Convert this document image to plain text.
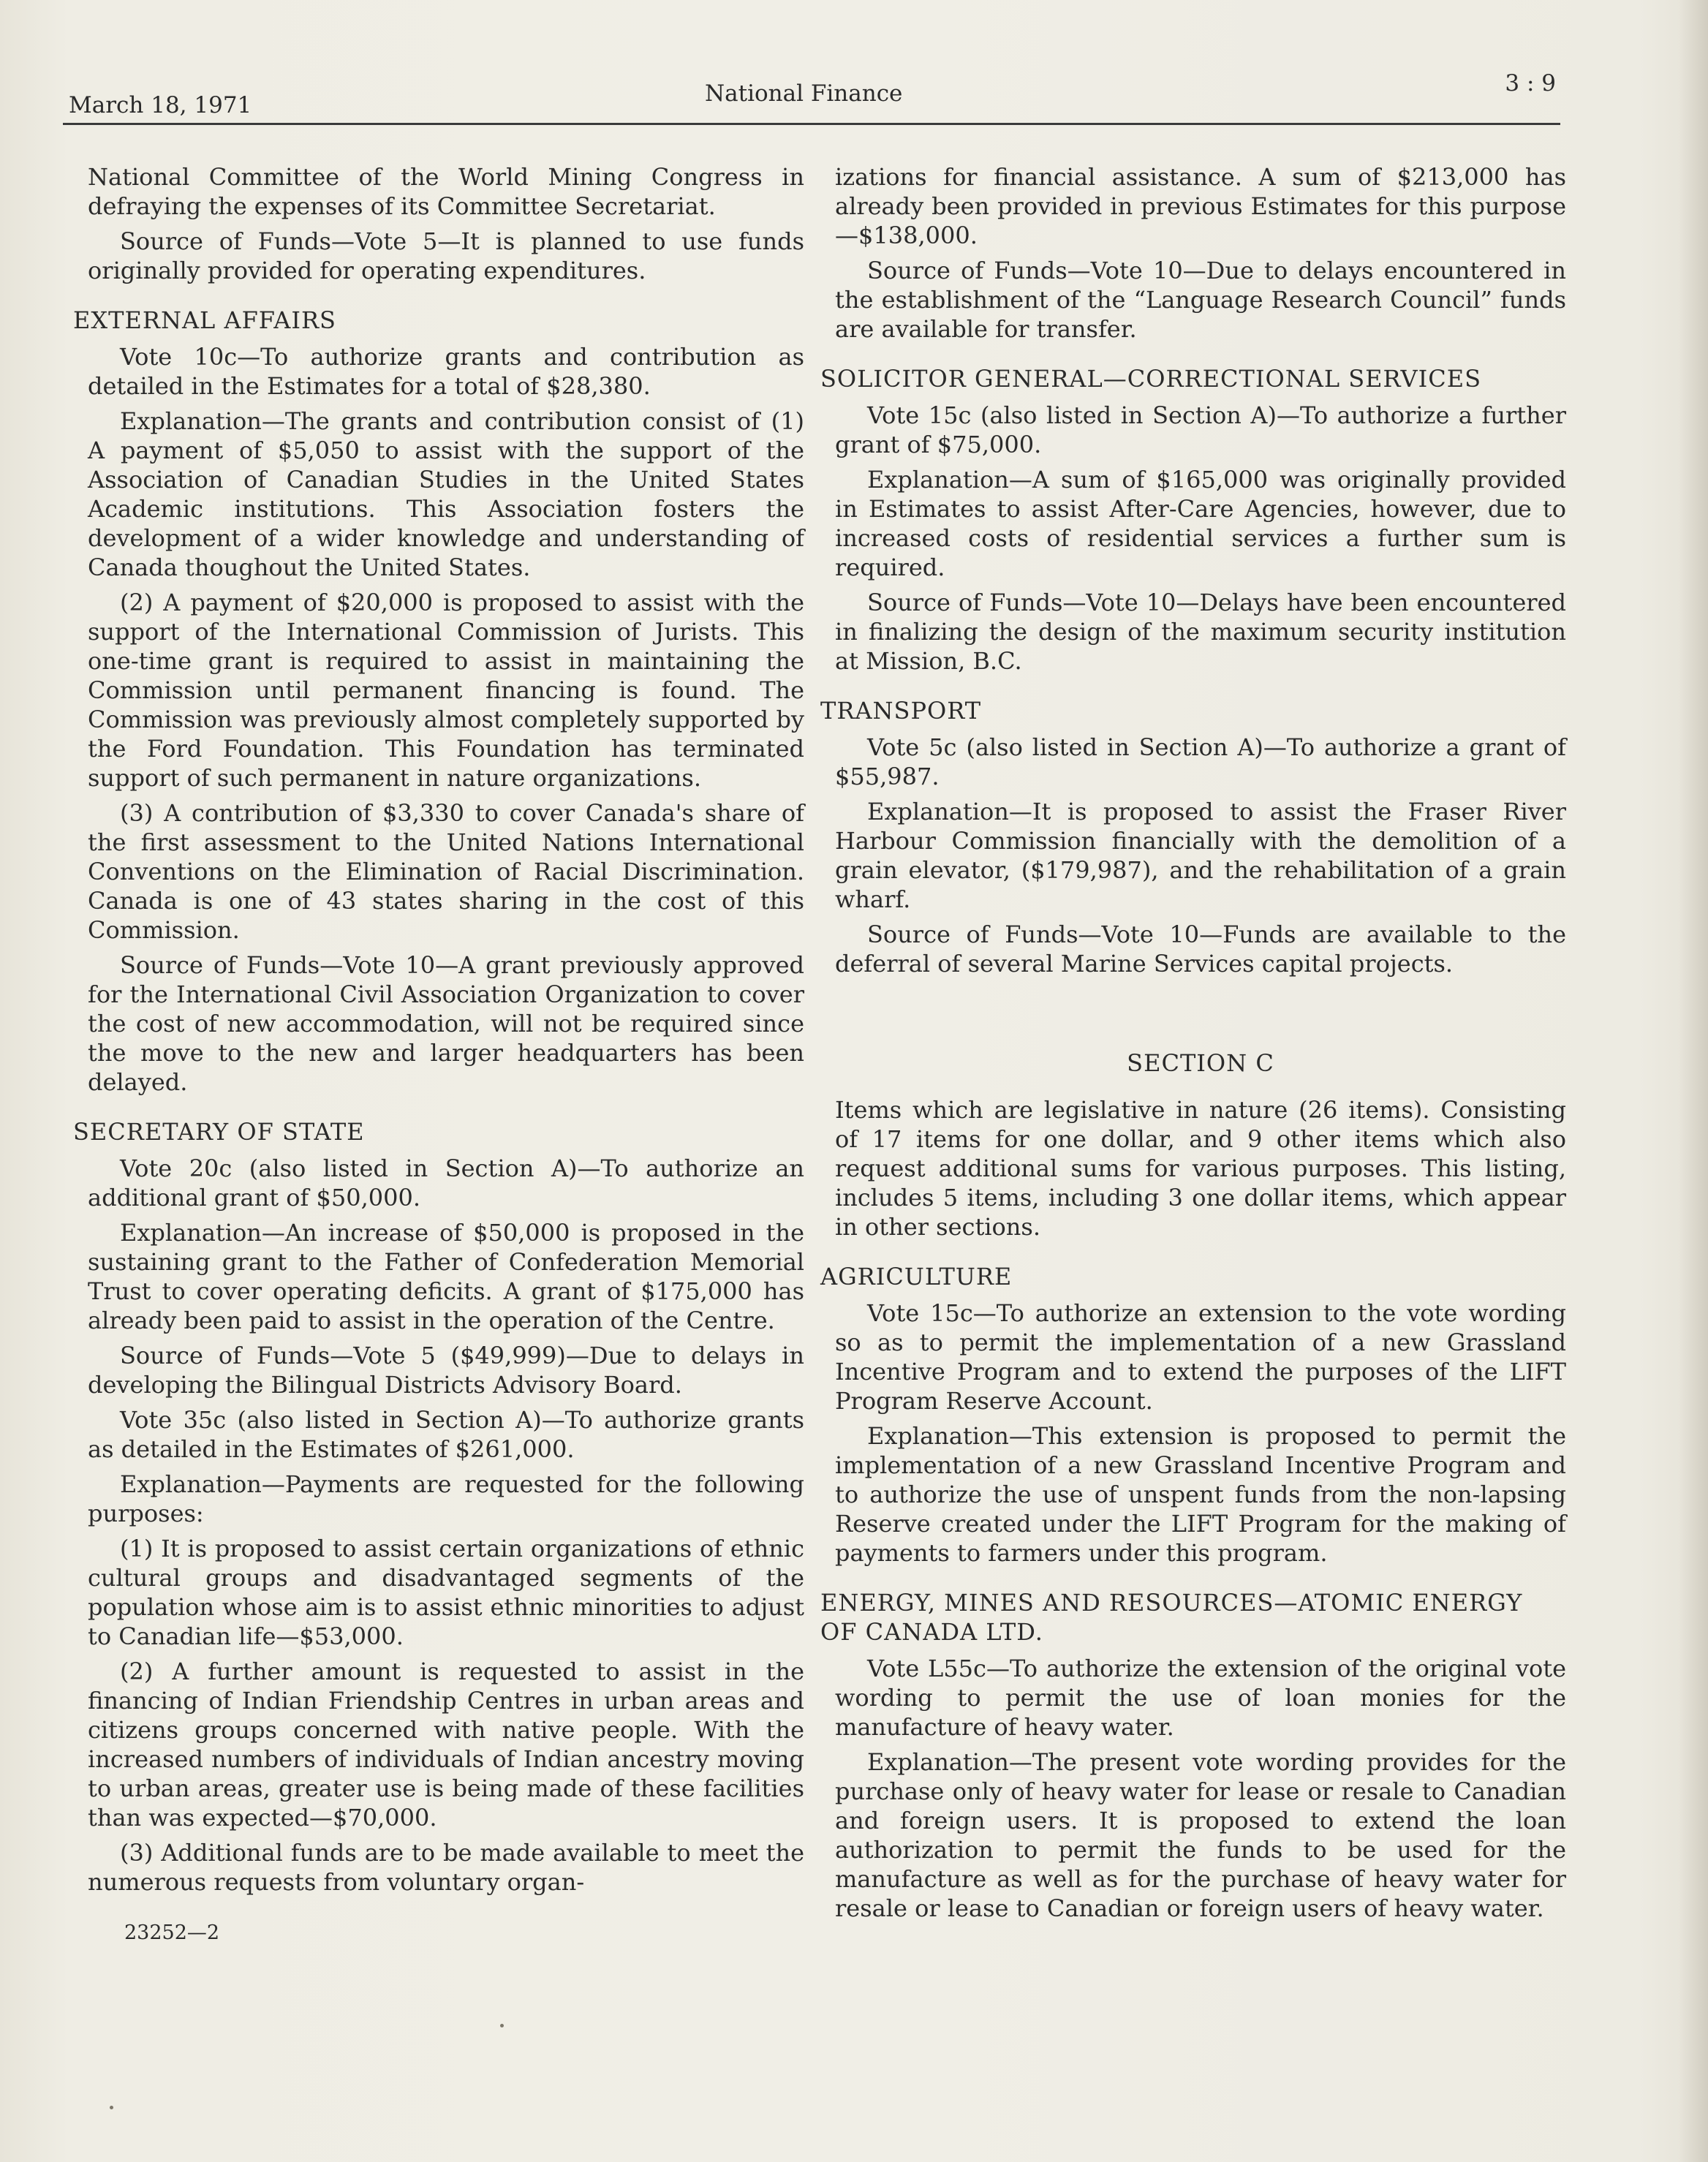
March 18, 1971	National Finance	3 : 9

National Committee of the World Mining Congress in defraying the expenses of its Committee Secretariat.

Source of Funds—Vote 5—It is planned to use funds originally provided for operating expenditures.

EXTERNAL AFFAIRS

Vote 10c—To authorize grants and contribution as detailed in the Estimates for a total of $28,380.

Explanation—The grants and contribution consist of (1) A payment of $5,050 to assist with the support of the Association of Canadian Studies in the United States Academic institutions. This Association fosters the development of a wider knowledge and understanding of Canada thoughout the United States.

(2) A payment of $20,000 is proposed to assist with the support of the International Commission of Jurists. This one-time grant is required to assist in maintaining the Commission until permanent financing is found. The Commission was previously almost completely supported by the Ford Foundation. This Foundation has terminated support of such permanent in nature organizations.

(3) A contribution of $3,330 to cover Canada's share of the first assessment to the United Nations International Conventions on the Elimination of Racial Discrimination. Canada is one of 43 states sharing in the cost of this Commission.

Source of Funds—Vote 10—A grant previously approved for the International Civil Association Organization to cover the cost of new accommodation, will not be required since the move to the new and larger headquarters has been delayed.

SECRETARY OF STATE

Vote 20c (also listed in Section A)—To authorize an additional grant of $50,000.

Explanation—An increase of $50,000 is proposed in the sustaining grant to the Father of Confederation Memorial Trust to cover operating deficits. A grant of $175,000 has already been paid to assist in the operation of the Centre.

Source of Funds—Vote 5 ($49,999)—Due to delays in developing the Bilingual Districts Advisory Board.

Vote 35c (also listed in Section A)—To authorize grants as detailed in the Estimates of $261,000.

Explanation—Payments are requested for the following purposes:

(1) It is proposed to assist certain organizations of ethnic cultural groups and disadvantaged segments of the population whose aim is to assist ethnic minorities to adjust to Canadian life—$53,000.

(2) A further amount is requested to assist in the financing of Indian Friendship Centres in urban areas and citizens groups concerned with native people. With the increased numbers of individuals of Indian ancestry moving to urban areas, greater use is being made of these facilities than was expected—$70,000.

(3) Additional funds are to be made available to meet the numerous requests from voluntary organ-

izations for financial assistance. A sum of $213,000 has already been provided in previous Estimates for this purpose—$138,000.

Source of Funds—Vote 10—Due to delays encountered in the establishment of the “Language Research Council” funds are available for transfer.

SOLICITOR GENERAL—CORRECTIONAL SERVICES

Vote 15c (also listed in Section A)—To authorize a further grant of $75,000.

Explanation—A sum of $165,000 was originally provided in Estimates to assist After-Care Agencies, however, due to increased costs of residential services a further sum is required.

Source of Funds—Vote 10—Delays have been encountered in finalizing the design of the maximum security institution at Mission, B.C.

TRANSPORT

Vote 5c (also listed in Section A)—To authorize a grant of $55,987.

Explanation—It is proposed to assist the Fraser River Harbour Commission financially with the demolition of a grain elevator, ($179,987), and the rehabilitation of a grain wharf.

Source of Funds—Vote 10—Funds are available to the deferral of several Marine Services capital projects.

SECTION C

Items which are legislative in nature (26 items). Consisting of 17 items for one dollar, and 9 other items which also request additional sums for various purposes. This listing, includes 5 items, including 3 one dollar items, which appear in other sections.

AGRICULTURE

Vote 15c—To authorize an extension to the vote wording so as to permit the implementation of a new Grassland Incentive Program and to extend the purposes of the LIFT Program Reserve Account.

Explanation—This extension is proposed to permit the implementation of a new Grassland Incentive Program and to authorize the use of unspent funds from the non-lapsing Reserve created under the LIFT Program for the making of payments to farmers under this program.

ENERGY, MINES AND RESOURCES—ATOMIC ENERGY OF CANADA LTD.

Vote L55c—To authorize the extension of the original vote wording to permit the use of loan monies for the manufacture of heavy water.

Explanation—The present vote wording provides for the purchase only of heavy water for lease or resale to Canadian and foreign users. It is proposed to extend the loan authorization to permit the funds to be used for the manufacture as well as for the purchase of heavy water for resale or lease to Canadian or foreign users of heavy water.

23252—2
